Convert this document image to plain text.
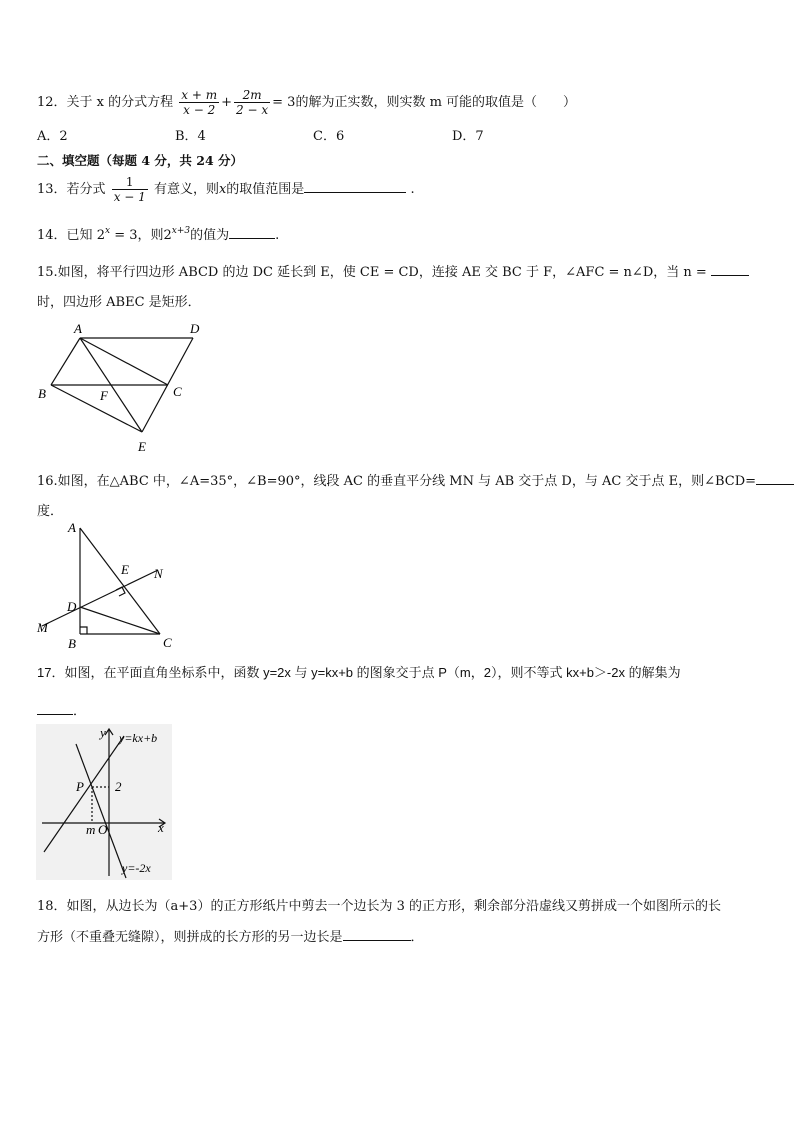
12．关于 x 的分式方程 $\frac{x + m}{x - 2} + \frac{2m}{2 - x} = 3$的解为正实数，则实数 m 可能的取值是（　　）
A．2	B．4	C．6	D．7
二、填空题（每题 4 分，共 24 分）
13．若分式 $\frac{1}{x - 1}$ 有意义，则x的取值范围是	.
14．已知 $2^x = 3$，则$2^{x+3}$的值为	.
15.如图，将平行四边形 ABCD 的边 DC 延长到 E，使 CE = CD，连接 AE 交 BC 于 F，∠AFC = n∠D，当 n =
时，四边形 ABEC 是矩形．
A	D
B	C
F
E
16.如图，在△ABC 中，∠A=35°，∠B=90°，线段 AC 的垂直平分线 MN 与 AB 交于点 D，与 AC 交于点 E，则∠BCD=
度．
A
E N
D
M
B	C
17．如图，在平面直角坐标系中，函数 y=2x 与 y=kx+b 的图象交于点 P（m，2），则不等式 kx+b＞-2x 的解集为
．
y y=kx+b
P 2
m O	x
y=-2x
18．如图，从边长为（a+3）的正方形纸片中剪去一个边长为 3 的正方形，剩余部分沿虚线又剪拼成一个如图所示的长
方形（不重叠无缝隙），则拼成的长方形的另一边长是	．
